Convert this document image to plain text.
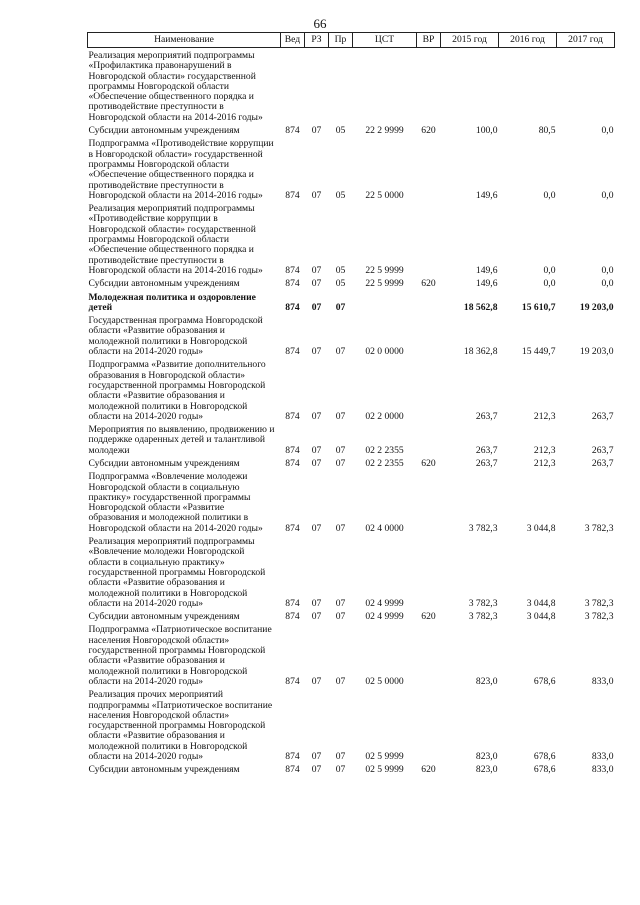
66
Наименование	Вед	РЗ	Пр	ЦСТ	ВР	2015 год	2016 год	2017 год
Реализация мероприятий подпрограммы «Профилактика правонарушений в Новгородской области» государственной программы Новгородской области «Обеспечение общественного порядка и противодействие преступности в Новгородской области на 2014-2016 годы»								
Субсидии автономным учреждениям	874	07	05	22 2 9999	620	100,0	80,5	0,0
Подпрограмма «Противодействие коррупции в Новгородской области» государственной программы Новгородской области «Обеспечение общественного порядка и противодействие преступности в Новгородской области на 2014-2016 годы»	874	07	05	22 5 0000		149,6	0,0	0,0
Реализация мероприятий подпрограммы «Противодействие коррупции в Новгородской области» государственной программы Новгородской области «Обеспечение общественного порядка и противодействие преступности в Новгородской области на 2014-2016 годы»	874	07	05	22 5 9999		149,6	0,0	0,0
Субсидии автономным учреждениям	874	07	05	22 5 9999	620	149,6	0,0	0,0
Молодежная политика и оздоровление детей	874	07	07			18 562,8	15 610,7	19 203,0
Государственная программа Новгородской области «Развитие образования и молодежной политики в Новгородской области на 2014-2020 годы»	874	07	07	02 0 0000		18 362,8	15 449,7	19 203,0
Подпрограмма «Развитие дополнительного образования в Новгородской области» государственной программы Новгородской области «Развитие образования и молодежной политики в Новгородской области на 2014-2020 годы»	874	07	07	02 2 0000		263,7	212,3	263,7
Мероприятия по выявлению, продвижению и поддержке одаренных детей и талантливой молодежи	874	07	07	02 2 2355		263,7	212,3	263,7
Субсидии автономным учреждениям	874	07	07	02 2 2355	620	263,7	212,3	263,7
Подпрограмма «Вовлечение молодежи Новгородской области в социальную практику» государственной программы Новгородской области «Развитие образования и молодежной политики в Новгородской области на 2014-2020 годы»	874	07	07	02 4 0000		3 782,3	3 044,8	3 782,3
Реализация мероприятий подпрограммы «Вовлечение молодежи Новгородской области в социальную практику» государственной программы Новгородской области «Развитие образования и молодежной политики в Новгородской области на 2014-2020 годы»	874	07	07	02 4 9999		3 782,3	3 044,8	3 782,3
Субсидии автономным учреждениям	874	07	07	02 4 9999	620	3 782,3	3 044,8	3 782,3
Подпрограмма «Патриотическое воспитание населения Новгородской области» государственной программы Новгородской области «Развитие образования и молодежной политики в Новгородской области на 2014-2020 годы»	874	07	07	02 5 0000		823,0	678,6	833,0
Реализация прочих мероприятий подпрограммы «Патриотическое воспитание населения Новгородской области» государственной программы Новгородской области «Развитие образования и молодежной политики в Новгородской области на 2014-2020 годы»	874	07	07	02 5 9999		823,0	678,6	833,0
Субсидии автономным учреждениям	874	07	07	02 5 9999	620	823,0	678,6	833,0
